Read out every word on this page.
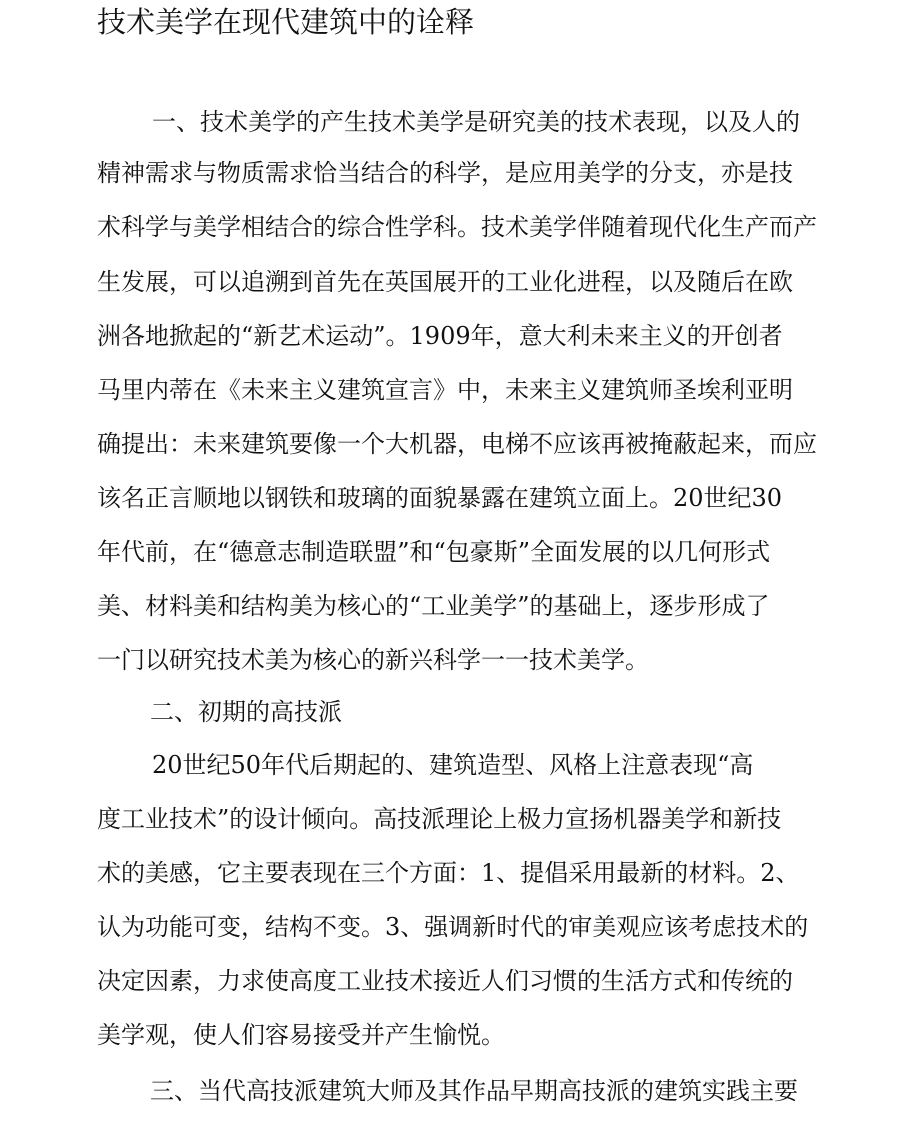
技术美学在现代建筑中的诠释
一、技术美学的产生技术美学是研究美的技术表现，以及人的
精神需求与物质需求恰当结合的科学，是应用美学的分支，亦是技
术科学与美学相结合的综合性学科。技术美学伴随着现代化生产而产
生发展，可以追溯到首先在英国展开的工业化进程，以及随后在欧
洲各地掀起的“新艺术运动”。1909年，意大利未来主义的开创者
马里内蒂在《未来主义建筑宣言》中，未来主义建筑师圣埃利亚明
确提出：未来建筑要像一个大机器，电梯不应该再被掩蔽起来，而应
该名正言顺地以钢铁和玻璃的面貌暴露在建筑立面上。20世纪30
年代前，在“德意志制造联盟”和“包豪斯”全面发展的以几何形式
美、材料美和结构美为核心的“工业美学”的基础上，逐步形成了
一门以研究技术美为核心的新兴科学一一技术美学。
二、初期的高技派
20世纪50年代后期起的、建筑造型、风格上注意表现“高
度工业技术”的设计倾向。高技派理论上极力宣扬机器美学和新技
术的美感，它主要表现在三个方面：1、提倡采用最新的材料。2、
认为功能可变，结构不变。3、强调新时代的审美观应该考虑技术的
决定因素，力求使高度工业技术接近人们习惯的生活方式和传统的
美学观，使人们容易接受并产生愉悦。
三、当代高技派建筑大师及其作品早期高技派的建筑实践主要
